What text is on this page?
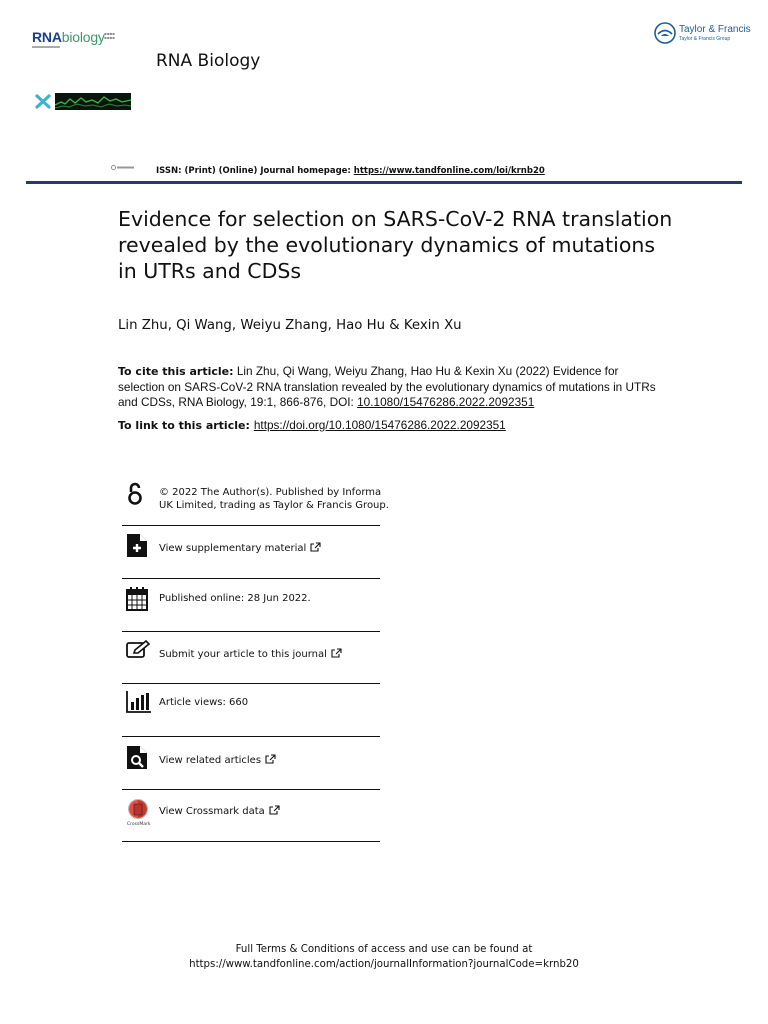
RNAbiology ▪▪▪▪
▪▪▪▪
RNA Biology
Taylor & Francis
Taylor & Francis Group
ISSN: (Print) (Online) Journal homepage: https://www.tandfonline.com/loi/krnb20
Evidence for selection on SARS-CoV-2 RNA translation revealed by the evolutionary dynamics of mutations in UTRs and CDSs
Lin Zhu, Qi Wang, Weiyu Zhang, Hao Hu & Kexin Xu
To cite this article: Lin Zhu, Qi Wang, Weiyu Zhang, Hao Hu & Kexin Xu (2022) Evidence for selection on SARS-CoV-2 RNA translation revealed by the evolutionary dynamics of mutations in UTRs and CDSs, RNA Biology, 19:1, 866-876, DOI: 10.1080/15476286.2022.2092351
To link to this article: https://doi.org/10.1080/15476286.2022.2092351
© 2022 The Author(s). Published by Informa UK Limited, trading as Taylor & Francis Group.
View supplementary material
Published online: 28 Jun 2022.
Submit your article to this journal
Article views: 660
View related articles
CrossMark
View Crossmark data
Full Terms & Conditions of access and use can be found at
https://www.tandfonline.com/action/journalInformation?journalCode=krnb20
